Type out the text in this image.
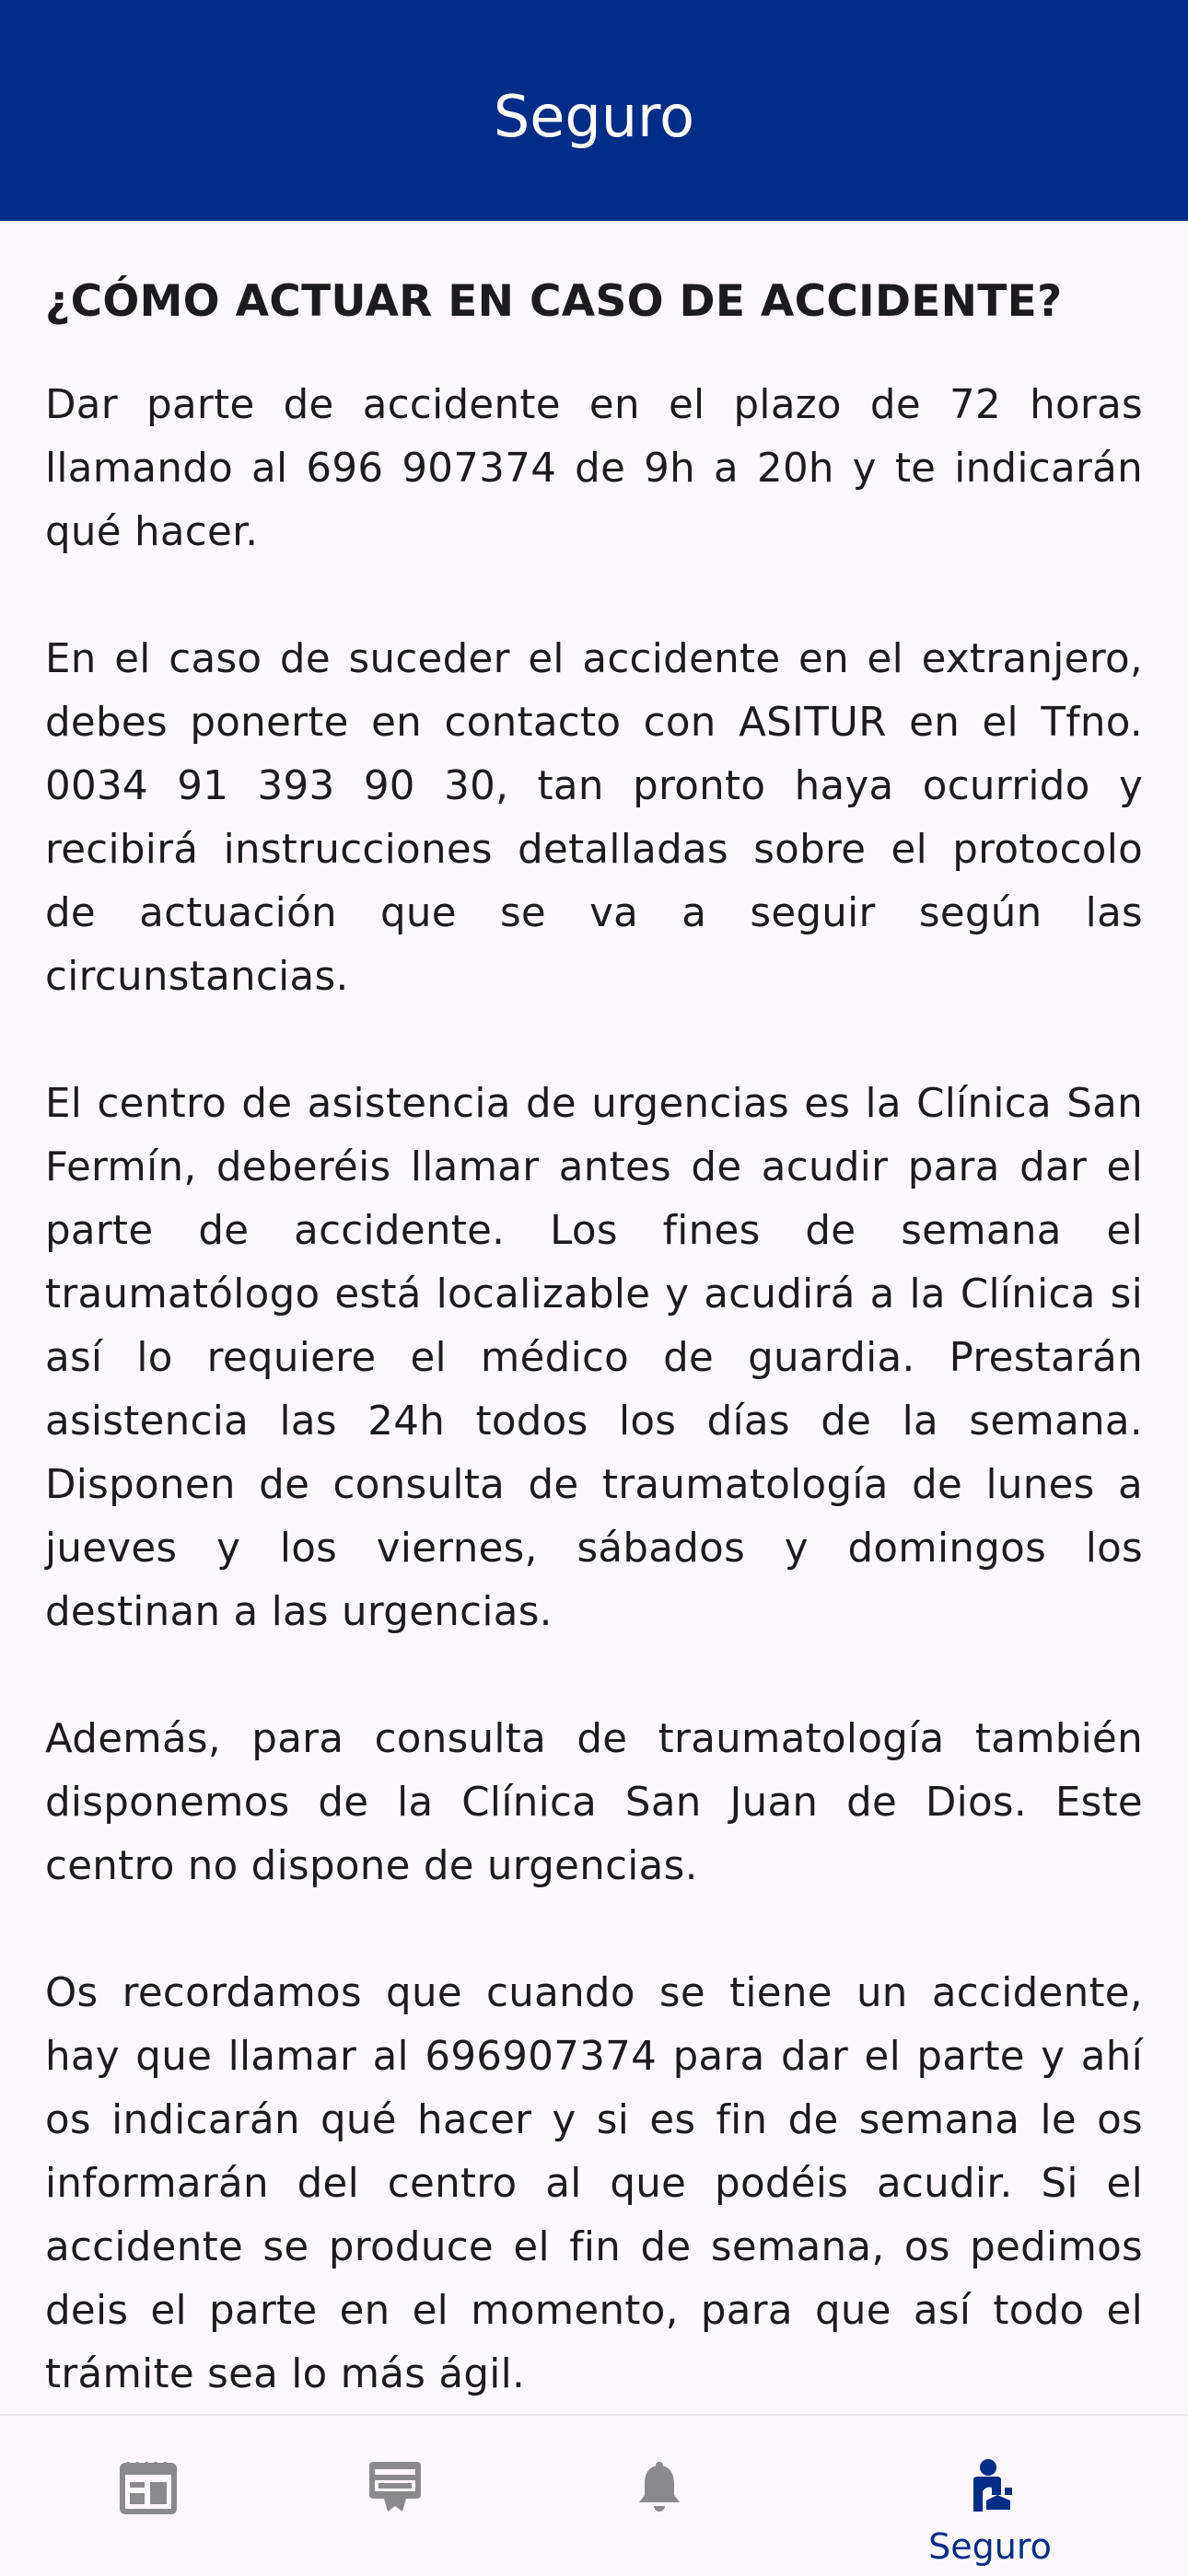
Seguro
¿CÓMO ACTUAR EN CASO DE ACCIDENTE?

Dar parte de accidente en el plazo de 72 horas llamando al 696 907374 de 9h a 20h y te indicarán qué hacer.

En el caso de suceder el accidente en el extranjero, debes ponerte en contacto con ASITUR en el Tfno. 0034 91 393 90 30, tan pronto haya ocurrido y recibirá instrucciones detalladas sobre el protocolo de actuación que se va a seguir según las circunstancias.

El centro de asistencia de urgencias es la Clínica San Fermín, deberéis llamar antes de acudir para dar el parte de accidente. Los fines de semana el traumatólogo está localizable y acudirá a la Clínica si así lo requiere el médico de guardia. Prestarán asistencia las 24h todos los días de la semana. Disponen de consulta de traumatología de lunes a jueves y los viernes, sábados y domingos los destinan a las urgencias.

Además, para consulta de traumatología también disponemos de la Clínica San Juan de Dios. Este centro no dispone de urgencias.

Os recordamos que cuando se tiene un accidente, hay que llamar al 696907374 para dar el parte y ahí os indicarán qué hacer y si es fin de semana le os informarán del centro al que podéis acudir. Si el accidente se produce el fin de semana, os pedimos deis el parte en el momento, para que así todo el trámite sea lo más ágil.

Seguro
